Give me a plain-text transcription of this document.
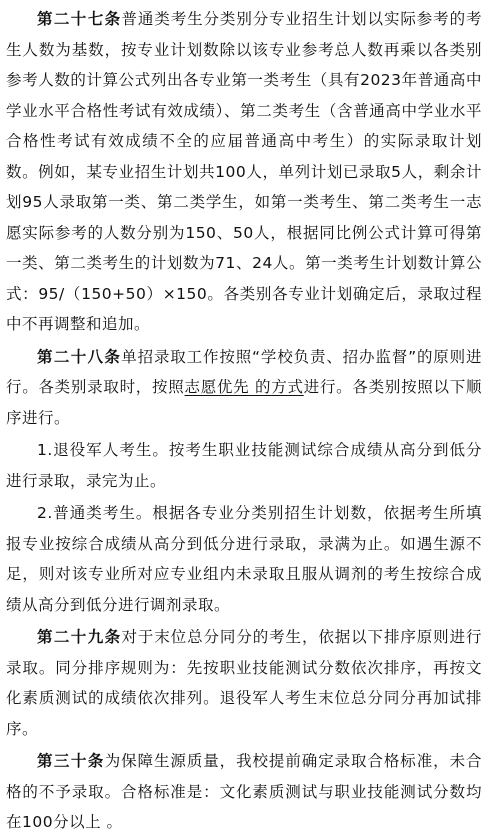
第二十七条普通类考生分类别分专业招生计划以实际参考的考生人数为基数，按专业计划数除以该专业参考总人数再乘以各类别参考人数的计算公式列出各专业第一类考生（具有2023年普通高中学业水平合格性考试有效成绩）、第二类考生（含普通高中学业水平合格性考试有效成绩不全的应届普通高中考生）的实际录取计划数。例如，某专业招生计划共100人，单列计划已录取5人，剩余计划95人录取第一类、第二类学生，如第一类考生、第二类考生一志愿实际参考的人数分别为150、50人，根据同比例公式计算可得第一类、第二类考生的计划数为71、24人。第一类考生计划数计算公式：95/（150+50）×150。各类别各专业计划确定后，录取过程中不再调整和追加。

第二十八条单招录取工作按照“学校负责、招办监督”的原则进行。各类别录取时，按照志愿优先 的方式进行。各类别按照以下顺序进行。

1.退役军人考生。按考生职业技能测试综合成绩从高分到低分进行录取，录完为止。

2.普通类考生。根据各专业分类别招生计划数，依据考生所填报专业按综合成绩从高分到低分进行录取，录满为止。如遇生源不足，则对该专业所对应专业组内未录取且服从调剂的考生按综合成绩从高分到低分进行调剂录取。

第二十九条对于末位总分同分的考生，依据以下排序原则进行录取。同分排序规则为：先按职业技能测试分数依次排序，再按文化素质测试的成绩依次排列。退役军人考生末位总分同分再加试排序。

第三十条为保障生源质量，我校提前确定录取合格标准，未合格的不予录取。合格标准是：文化素质测试与职业技能测试分数均在100分以上 。
